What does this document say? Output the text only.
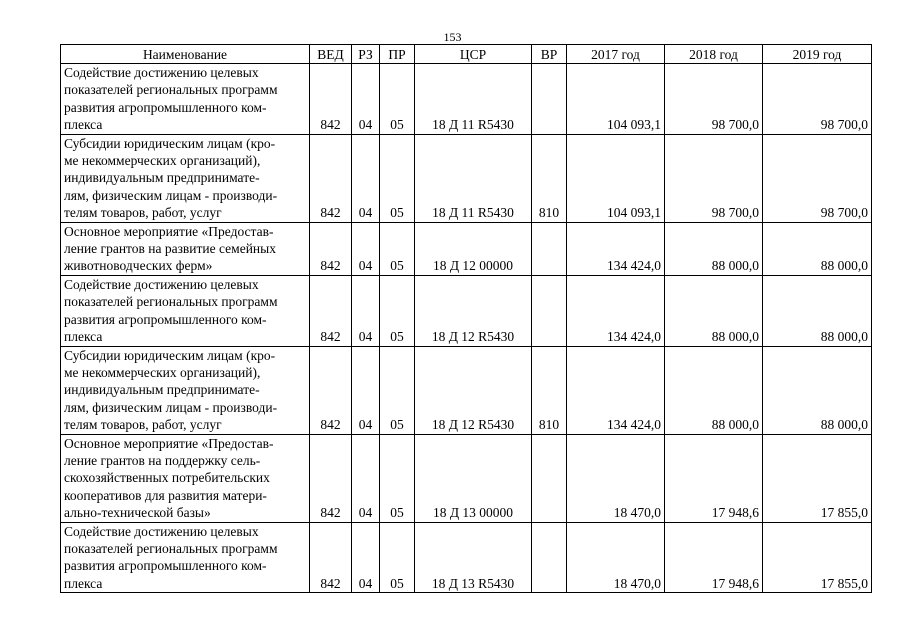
153
Наименование	ВЕД	РЗ	ПР	ЦСР	ВР	2017 год	2018 год	2019 год

Содействие достижению целевых
показателей региональных программ
развития агропромышленного ком-
плекса	842	04	05	18 Д 11 R5430		104 093,1	98 700,0	98 700,0

Субсидии юридическим лицам (кро-
ме некоммерческих организаций),
индивидуальным предпринимате-
лям, физическим лицам - производи-
телям товаров, работ, услуг	842	04	05	18 Д 11 R5430	810	104 093,1	98 700,0	98 700,0

Основное мероприятие «Предостав-
ление грантов на развитие семейных
животноводческих ферм»	842	04	05	18 Д 12 00000		134 424,0	88 000,0	88 000,0

Содействие достижению целевых
показателей региональных программ
развития агропромышленного ком-
плекса	842	04	05	18 Д 12 R5430		134 424,0	88 000,0	88 000,0

Субсидии юридическим лицам (кро-
ме некоммерческих организаций),
индивидуальным предпринимате-
лям, физическим лицам - производи-
телям товаров, работ, услуг	842	04	05	18 Д 12 R5430	810	134 424,0	88 000,0	88 000,0

Основное мероприятие «Предостав-
ление грантов на поддержку сель-
скохозяйственных потребительских
кооперативов для развития матери-
ально-технической базы»	842	04	05	18 Д 13 00000		18 470,0	17 948,6	17 855,0

Содействие достижению целевых
показателей региональных программ
развития агропромышленного ком-
плекса	842	04	05	18 Д 13 R5430		18 470,0	17 948,6	17 855,0
